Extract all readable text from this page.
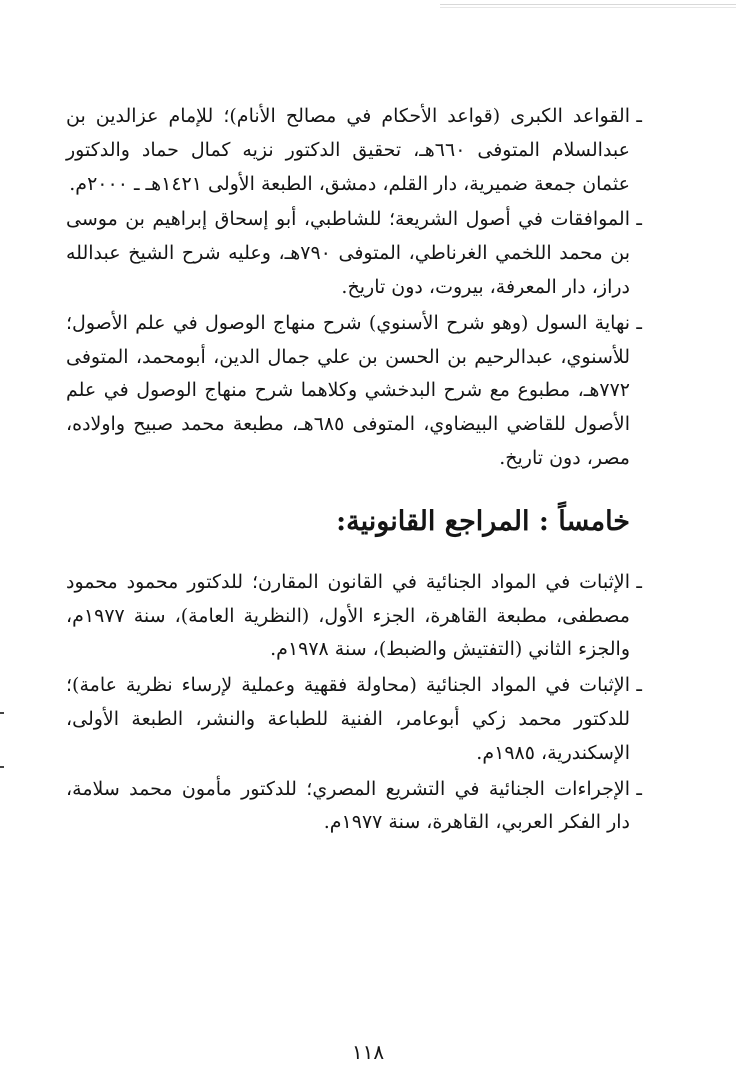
ـ
القواعد الكبرى (قواعد الأحكام في مصالح الأنام)؛ للإمام عزالدين بن عبدالسلام المتوفى ٦٦٠هـ، تحقيق الدكتور نزيه كمال حماد والدكتور عثمان جمعة ضميرية، دار القلم، دمشق، الطبعة الأولى ١٤٢١هـ ـ ٢٠٠٠م.

ـ
الموافقات في أصول الشريعة؛ للشاطبي، أبو إسحاق إبراهيم بن موسى بن محمد اللخمي الغرناطي، المتوفى ٧٩٠هـ، وعليه شرح الشيخ عبدالله دراز، دار المعرفة، بيروت، دون تاريخ.

ـ
نهاية السول (وهو شرح الأسنوي) شرح منهاج الوصول في علم الأصول؛ للأسنوي، عبدالرحيم بن الحسن بن علي جمال الدين، أبومحمد، المتوفى ٧٧٢هـ، مطبوع مع شرح البدخشي وكلاهما شرح منهاج الوصول في علم الأصول للقاضي البيضاوي، المتوفى ٦٨٥هـ، مطبعة محمد صبيح واولاده، مصر، دون تاريخ.

خامساً : المراجع القانونية:

ـ
الإثبات في المواد الجنائية في القانون المقارن؛ للدكتور محمود محمود مصطفى، مطبعة القاهرة، الجزء الأول، (النظرية العامة)، سنة ١٩٧٧م، والجزء الثاني (التفتيش والضبط)، سنة ١٩٧٨م.

ـ
الإثبات في المواد الجنائية (محاولة فقهية وعملية لإرساء نظرية عامة)؛ للدكتور محمد زكي أبوعامر، الفنية للطباعة والنشر، الطبعة الأولى، الإسكندرية، ١٩٨٥م.

ـ
الإجراءات الجنائية في التشريع المصري؛ للدكتور مأمون محمد سلامة، دار الفكر العربي، القاهرة، سنة ١٩٧٧م.

١١٨
